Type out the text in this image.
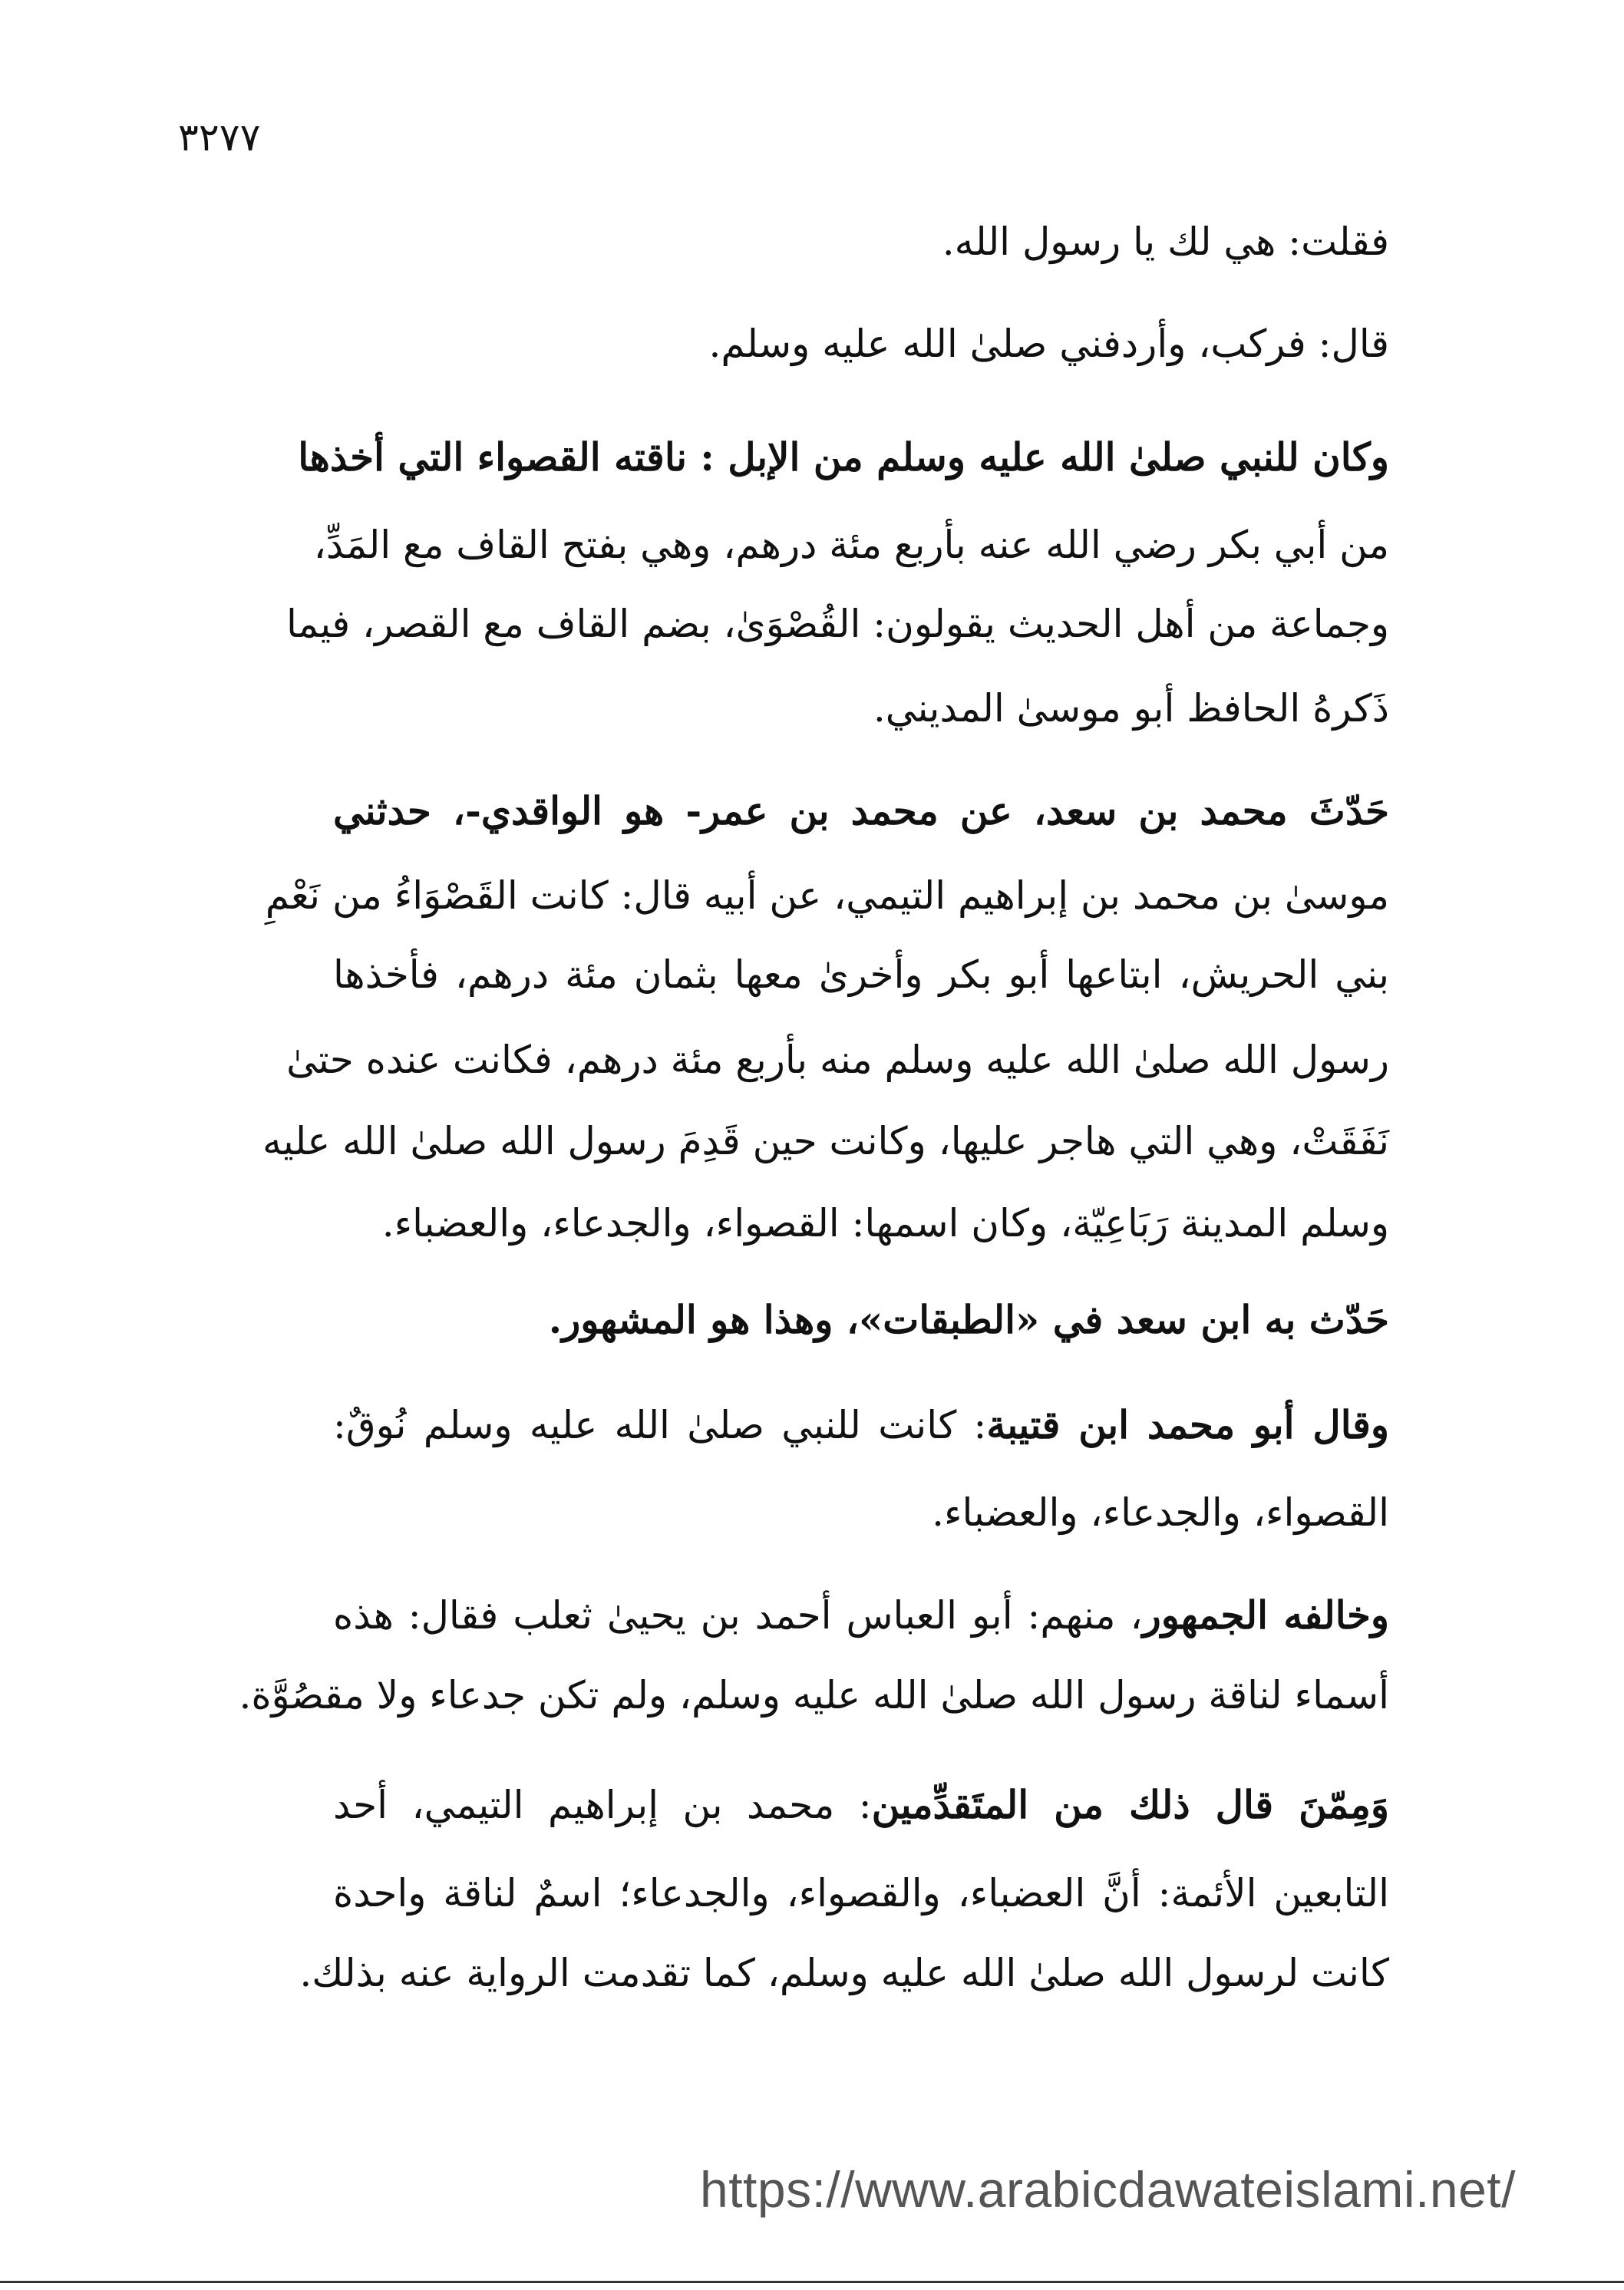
٣٢٧٧
فقلت: هي لك يا رسول الله.
قال: فركب، وأردفني صلىٰ الله عليه وسلم.
وكان للنبي صلىٰ الله عليه وسلم من الإبل : ناقته القصواء التي أخذها
من أبي بكر رضي الله عنه بأربع مئة درهم، وهي بفتح القاف مع المَدِّ،
وجماعة من أهل الحديث يقولون: القُصْوَىٰ، بضم القاف مع القصر، فيما
ذَكرهُ الحافظ أبو موسىٰ المديني.
حَدّثَ محمد بن سعد، عن محمد بن عمر- هو الواقدي-، حدثني
موسىٰ بن محمد بن إبراهيم التيمي، عن أبيه قال: كانت القَصْوَاءُ من نَعْمِ
بني الحريش، ابتاعها أبو بكر وأخرىٰ معها بثمان مئة درهم، فأخذها
رسول الله صلىٰ الله عليه وسلم منه بأربع مئة درهم، فكانت عنده حتىٰ
نَفَقَتْ، وهي التي هاجر عليها، وكانت حين قَدِمَ رسول الله صلىٰ الله عليه
وسلم المدينة رَبَاعِيّة، وكان اسمها: القصواء، والجدعاء، والعضباء.
حَدّث به ابن سعد في «الطبقات»، وهذا هو المشهور.
وقال أبو محمد ابن قتيبة: كانت للنبي صلىٰ الله عليه وسلم نُوقٌ:
القصواء، والجدعاء، والعضباء.
وخالفه الجمهور، منهم: أبو العباس أحمد بن يحيىٰ ثعلب فقال: هذه
أسماء لناقة رسول الله صلىٰ الله عليه وسلم، ولم تكن جدعاء ولا مقصُوَّة.
وَمِمّنَ قال ذلك من المتَقدِّمين: محمد بن إبراهيم التيمي، أحد
التابعين الأئمة: أنَّ العضباء، والقصواء، والجدعاء؛ اسمٌ لناقة واحدة
كانت لرسول الله صلىٰ الله عليه وسلم، كما تقدمت الرواية عنه بذلك.
https://www.arabicdawateislami.net/
